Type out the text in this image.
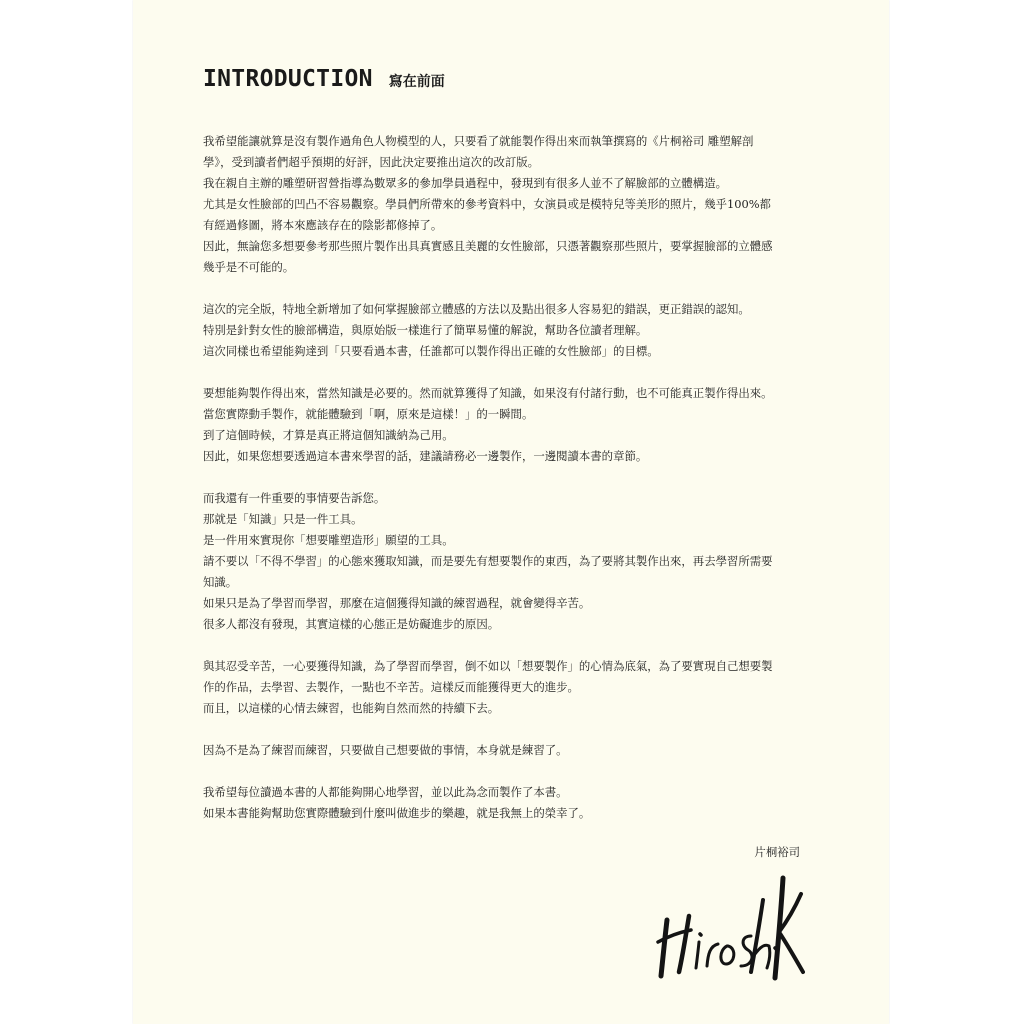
INTRODUCTION 寫在前面

我希望能讓就算是沒有製作過角色人物模型的人，只要看了就能製作得出來而執筆撰寫的《片桐裕司 雕塑解剖
學》，受到讀者們超乎預期的好評，因此決定要推出這次的改訂版。
我在親自主辦的雕塑研習營指導為數眾多的參加學員過程中，發現到有很多人並不了解臉部的立體構造。
尤其是女性臉部的凹凸不容易觀察。學員們所帶來的參考資料中，女演員或是模特兒等美形的照片，幾乎100%都
有經過修圖，將本來應該存在的陰影都修掉了。
因此，無論您多想要參考那些照片製作出具真實感且美麗的女性臉部，只憑著觀察那些照片，要掌握臉部的立體感
幾乎是不可能的。

這次的完全版，特地全新增加了如何掌握臉部立體感的方法以及點出很多人容易犯的錯誤，更正錯誤的認知。
特別是針對女性的臉部構造，與原始版一樣進行了簡單易懂的解說，幫助各位讀者理解。
這次同樣也希望能夠達到「只要看過本書，任誰都可以製作得出正確的女性臉部」的目標。

要想能夠製作得出來，當然知識是必要的。然而就算獲得了知識，如果沒有付諸行動，也不可能真正製作得出來。
當您實際動手製作，就能體驗到「啊，原來是這樣！」的一瞬間。
到了這個時候，才算是真正將這個知識納為己用。
因此，如果您想要透過這本書來學習的話，建議請務必一邊製作，一邊閱讀本書的章節。

而我還有一件重要的事情要告訴您。
那就是「知識」只是一件工具。
是一件用來實現你「想要雕塑造形」願望的工具。
請不要以「不得不學習」的心態來獲取知識，而是要先有想要製作的東西，為了要將其製作出來，再去學習所需要
知識。
如果只是為了學習而學習，那麼在這個獲得知識的練習過程，就會變得辛苦。
很多人都沒有發現，其實這樣的心態正是妨礙進步的原因。

與其忍受辛苦，一心要獲得知識，為了學習而學習，倒不如以「想要製作」的心情為底氣，為了要實現自己想要製
作的作品，去學習、去製作，一點也不辛苦。這樣反而能獲得更大的進步。
而且，以這樣的心情去練習，也能夠自然而然的持續下去。

因為不是為了練習而練習，只要做自己想要做的事情，本身就是練習了。

我希望每位讀過本書的人都能夠開心地學習，並以此為念而製作了本書。
如果本書能夠幫助您實際體驗到什麼叫做進步的樂趣，就是我無上的榮幸了。

片桐裕司
